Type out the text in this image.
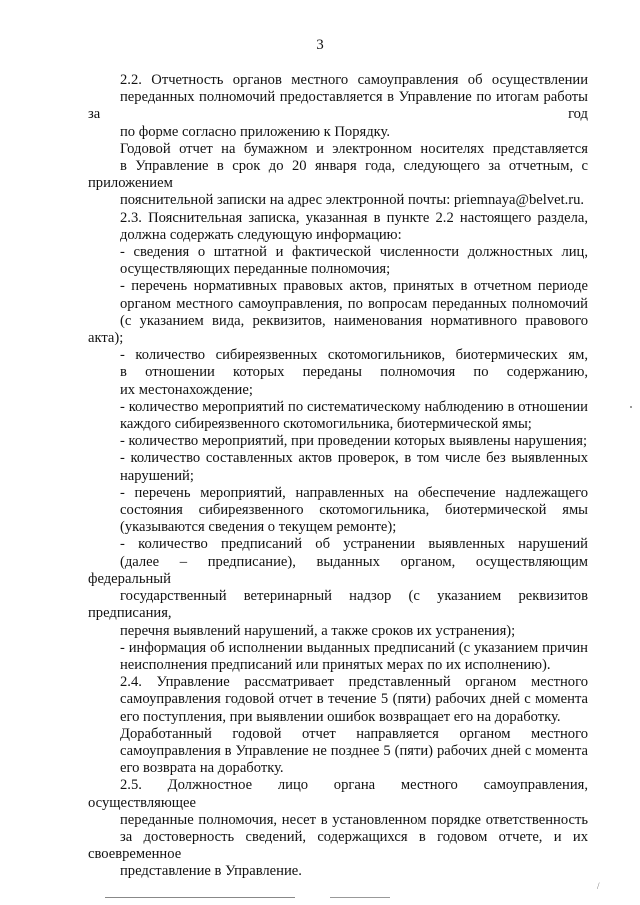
3

2.2. Отчетность органов местного самоуправления об осуществлении
переданных полномочий предоставляется в Управление по итогам работы за год
по форме согласно приложению к Порядку.

Годовой отчет на бумажном и электронном носителях представляется
в Управление в срок до 20 января года, следующего за отчетным, с приложением
пояснительной записки на адрес электронной почты: priemnaya@belvet.ru.

2.3. Пояснительная записка, указанная в пункте 2.2 настоящего раздела,
должна содержать следующую информацию:

- сведения о штатной и фактической численности должностных лиц,
осуществляющих переданные полномочия;

- перечень нормативных правовых актов, принятых в отчетном периоде
органом местного самоуправления, по вопросам переданных полномочий
(с указанием вида, реквизитов, наименования нормативного правового акта);

- количество сибиреязвенных скотомогильников, биотермических ям,
в отношении которых переданы полномочия по содержанию,
их местонахождение;

- количество мероприятий по систематическому наблюдению в отношении
каждого сибиреязвенного скотомогильника, биотермической ямы;

- количество мероприятий, при проведении которых выявлены нарушения;

- количество составленных актов проверок, в том числе без выявленных
нарушений;

- перечень мероприятий, направленных на обеспечение надлежащего
состояния сибиреязвенного скотомогильника, биотермической ямы
(указываются сведения о текущем ремонте);

- количество предписаний об устранении выявленных нарушений
(далее – предписание), выданных органом, осуществляющим федеральный
государственный ветеринарный надзор (с указанием реквизитов предписания,
перечня выявлений нарушений, а также сроков их устранения);

- информация об исполнении выданных предписаний (с указанием причин
неисполнения предписаний или принятых мерах по их исполнению).

2.4. Управление рассматривает представленный органом местного
самоуправления годовой отчет в течение 5 (пяти) рабочих дней с момента
его поступления, при выявлении ошибок возвращает его на доработку.

Доработанный годовой отчет направляется органом местного
самоуправления в Управление не позднее 5 (пяти) рабочих дней с момента
его возврата на доработку.

2.5. Должностное лицо органа местного самоуправления, осуществляющее
переданные полномочия, несет в установленном порядке ответственность
за достоверность сведений, содержащихся в годовом отчете, и их своевременное
представление в Управление.

/
